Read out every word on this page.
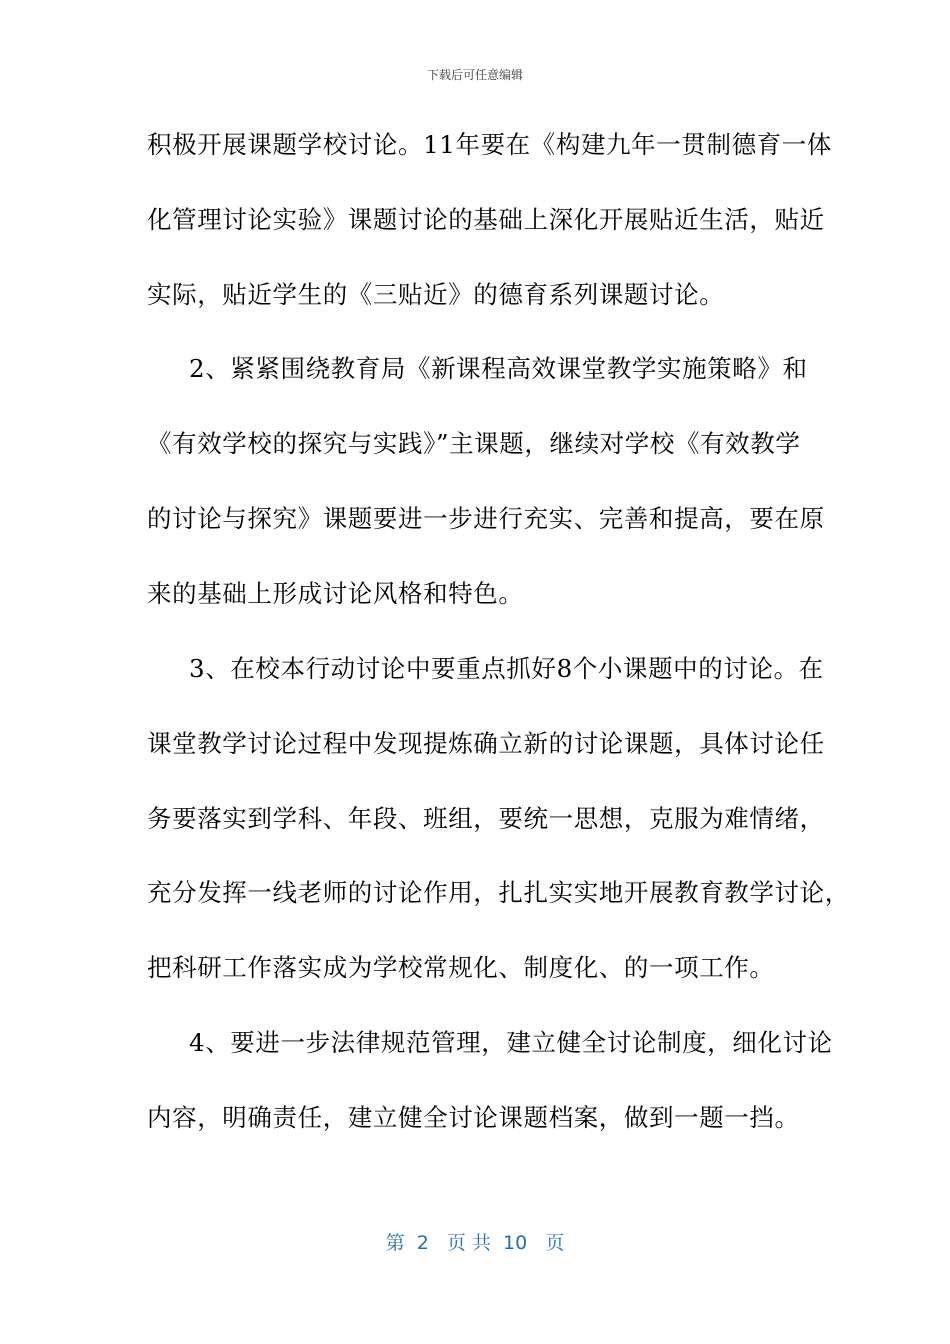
下载后可任意编辑
积极开展课题学校讨论。11年要在《构建九年一贯制德育一体
化管理讨论实验》课题讨论的基础上深化开展贴近生活，贴近
实际，贴近学生的《三贴近》的德育系列课题讨论。
2、紧紧围绕教育局《新课程高效课堂教学实施策略》和
《有效学校的探究与实践》”主课题，继续对学校《有效教学
的讨论与探究》课题要进一步进行充实、完善和提高，要在原
来的基础上形成讨论风格和特色。
3、在校本行动讨论中要重点抓好8个小课题中的讨论。在
课堂教学讨论过程中发现提炼确立新的讨论课题，具体讨论任
务要落实到学科、年段、班组，要统一思想，克服为难情绪，
充分发挥一线老师的讨论作用，扎扎实实地开展教育教学讨论，
把科研工作落实成为学校常规化、制度化、的一项工作。
4、要进一步法律规范管理，建立健全讨论制度，细化讨论
内容，明确责任，建立健全讨论课题档案，做到一题一挡。
第  2   页 共  10   页
